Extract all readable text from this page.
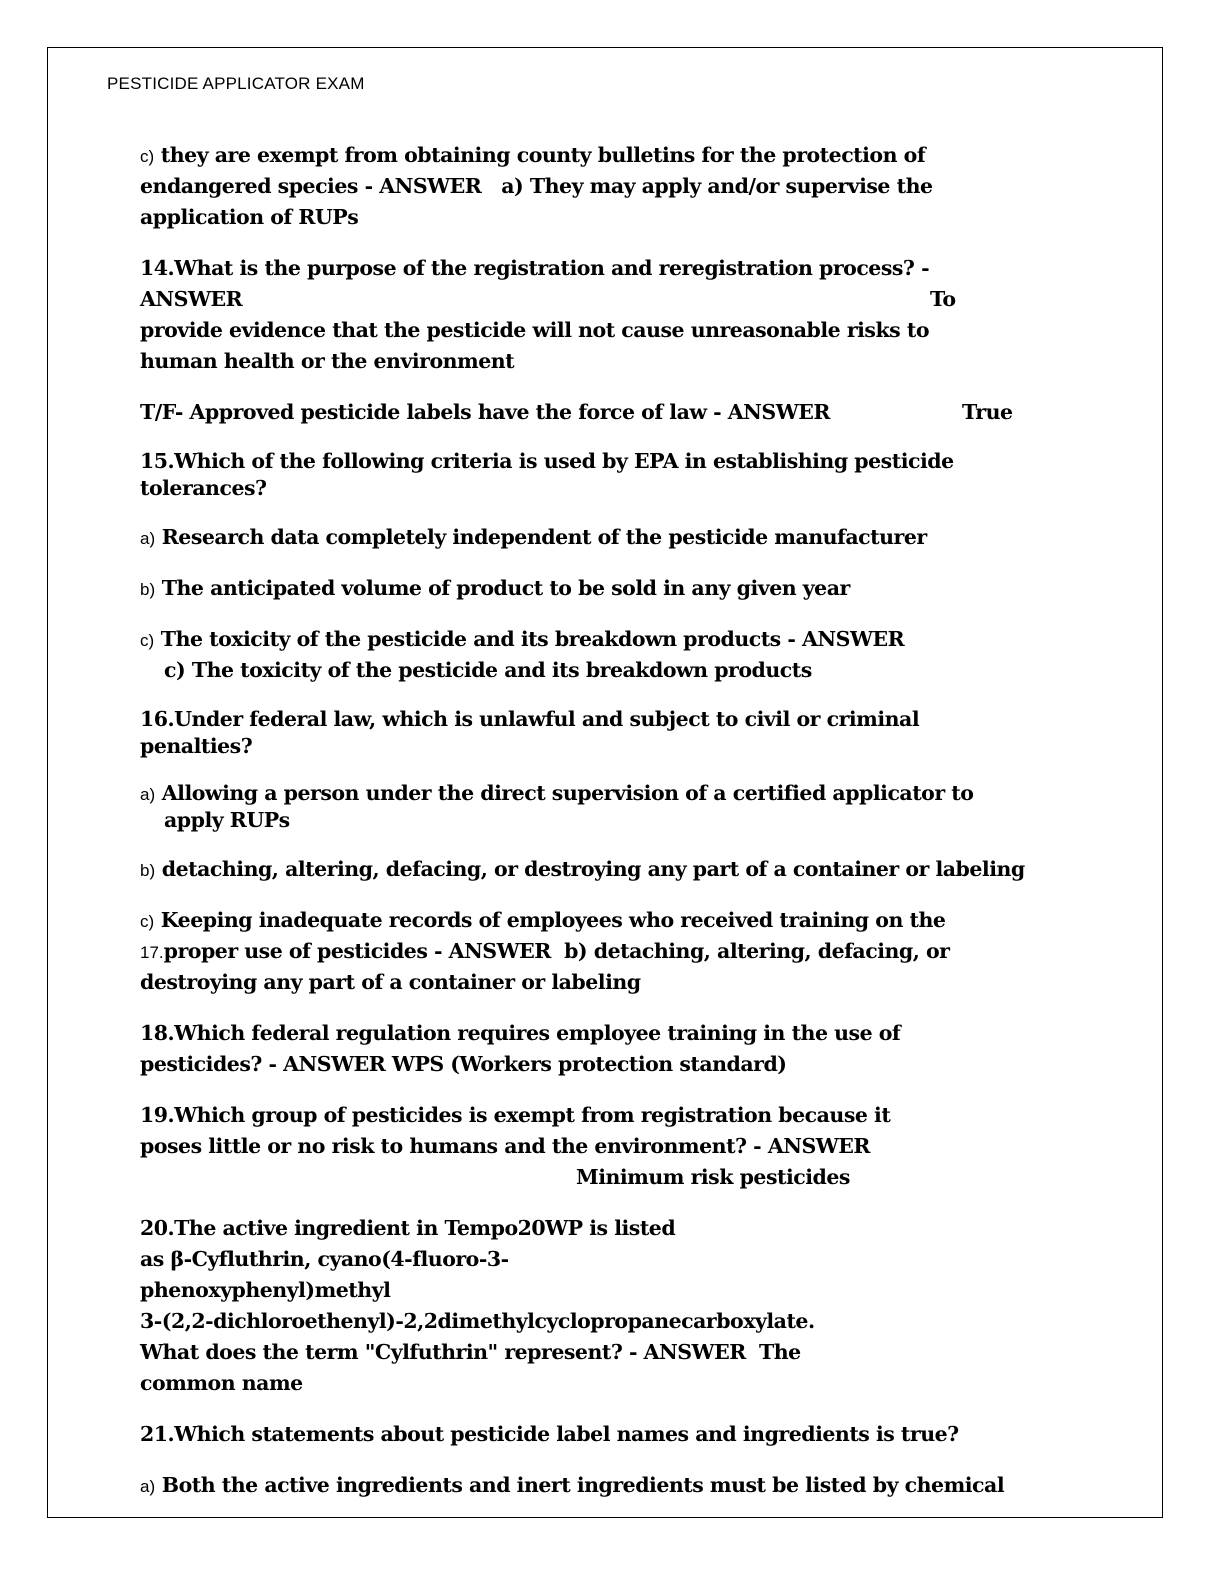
PESTICIDE APPLICATOR EXAM
c) they are exempt from obtaining county bulletins for the protection of
endangered species - ANSWER   a) They may apply and/or supervise the
application of RUPs
14.What is the purpose of the registration and reregistration process? -
ANSWER	To
provide evidence that the pesticide will not cause unreasonable risks to
human health or the environment
T/F- Approved pesticide labels have the force of law - ANSWER	True
15.Which of the following criteria is used by EPA in establishing pesticide
tolerances?
a) Research data completely independent of the pesticide manufacturer
b) The anticipated volume of product to be sold in any given year
c) The toxicity of the pesticide and its breakdown products - ANSWER
c) The toxicity of the pesticide and its breakdown products
16.Under federal law, which is unlawful and subject to civil or criminal
penalties?
a) Allowing a person under the direct supervision of a certified applicator to
apply RUPs
b) detaching, altering, defacing, or destroying any part of a container or labeling
c) Keeping inadequate records of employees who received training on the
17.proper use of pesticides - ANSWER  b) detaching, altering, defacing, or
destroying any part of a container or labeling
18.Which federal regulation requires employee training in the use of
pesticides? - ANSWER WPS (Workers protection standard)
19.Which group of pesticides is exempt from registration because it
poses little or no risk to humans and the environment? - ANSWER
Minimum risk pesticides
20.The active ingredient in Tempo20WP is listed
as β-Cyfluthrin, cyano(4-fluoro-3-
phenoxyphenyl)methyl
3-(2,2-dichloroethenyl)-2,2dimethylcyclopropanecarboxylate.
What does the term "Cylfuthrin" represent? - ANSWER  The
common name
21.Which statements about pesticide label names and ingredients is true?
a) Both the active ingredients and inert ingredients must be listed by chemical
